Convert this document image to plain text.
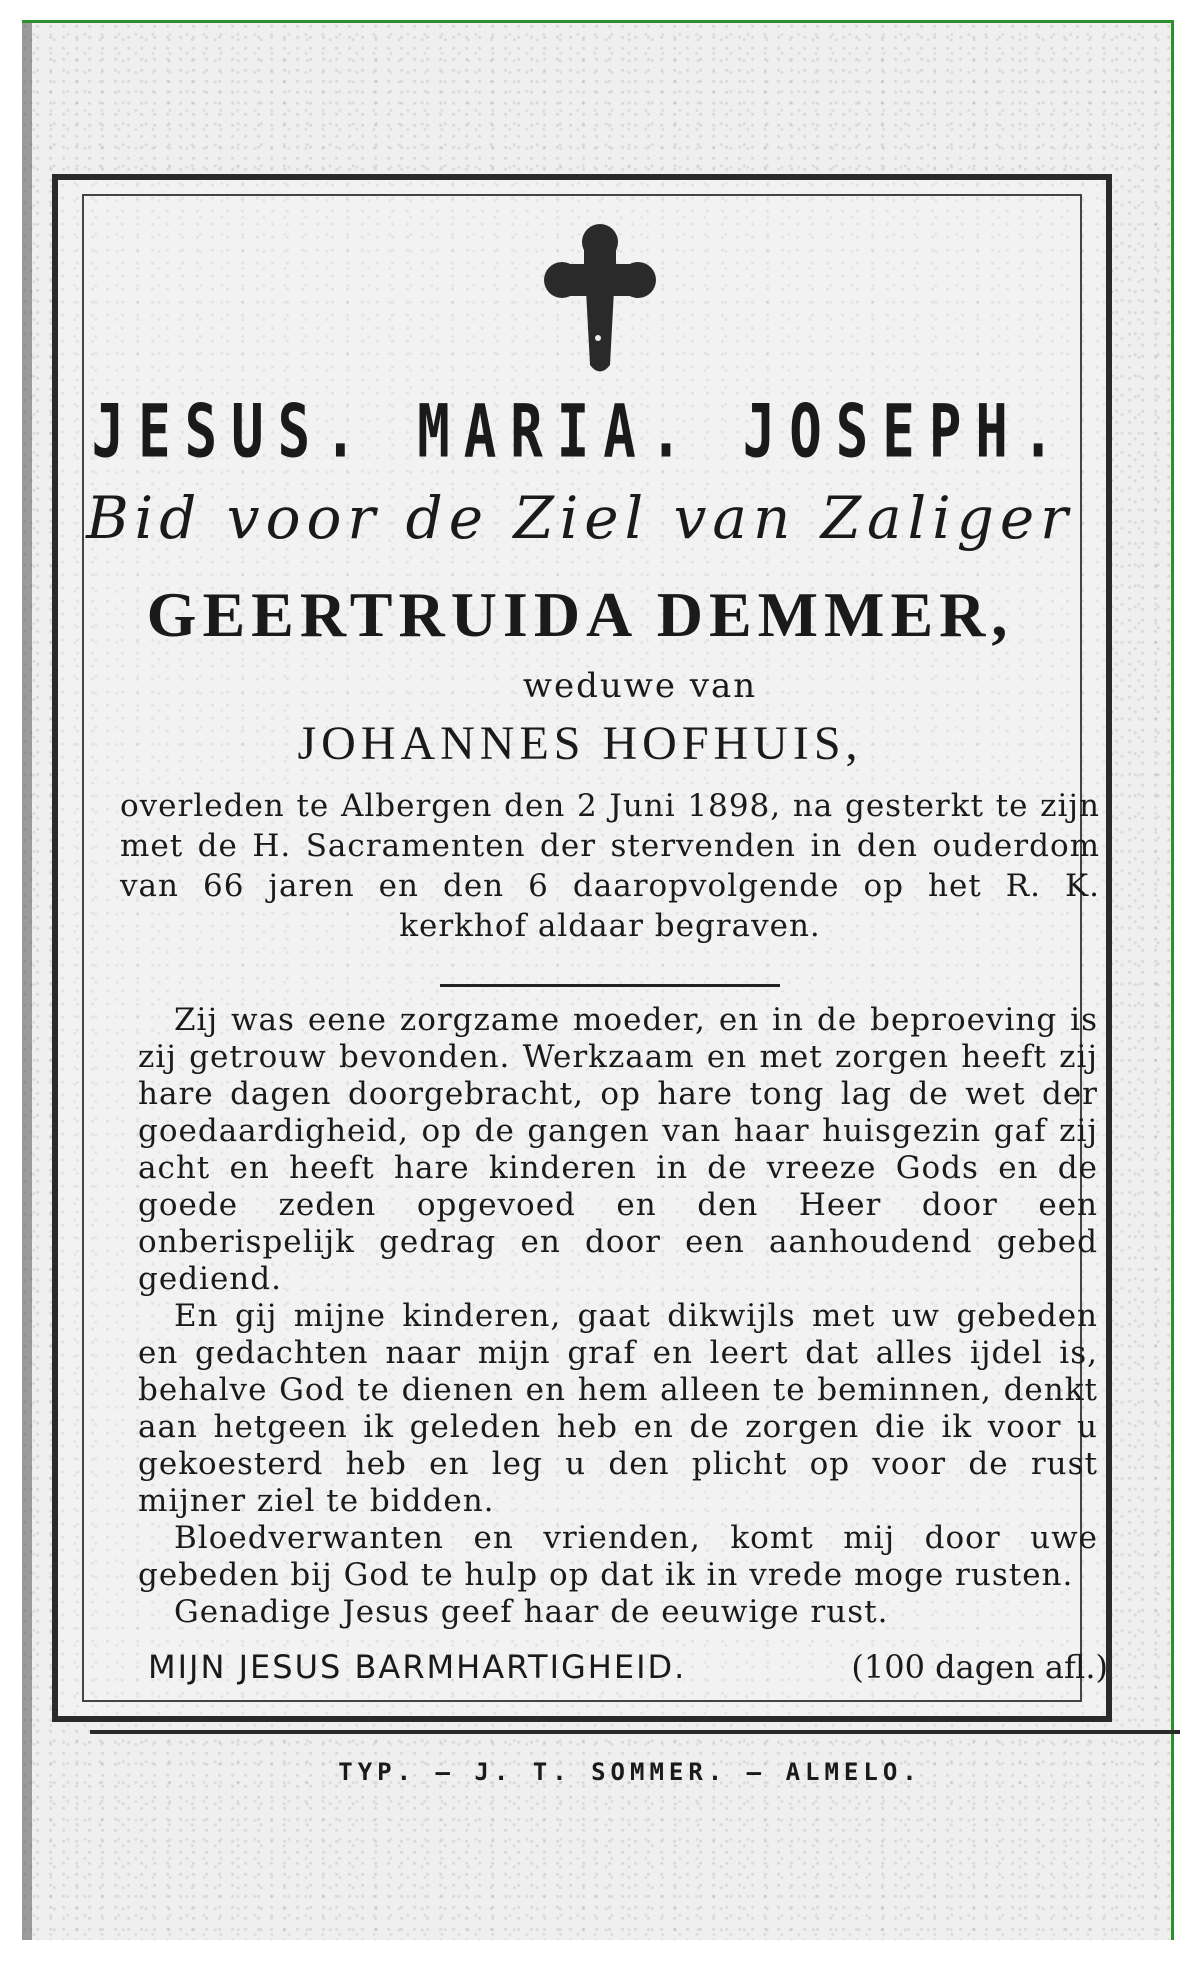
JESUS. MARIA. JOSEPH.
Bid voor de Ziel van Zaliger
GEERTRUIDA DEMMER,
weduwe van
JOHANNES HOFHUIS,
overleden te Albergen den 2 Juni 1898, na gesterkt te zijn met de H. Sacramenten der stervenden in den ouderdom van 66 jaren en den 6 daaropvolgende op het R. K. kerkhof aldaar begraven.

Zij was eene zorgzame moeder, en in de beproeving is zij getrouw bevonden. Werkzaam en met zorgen heeft zij hare dagen doorgebracht, op hare tong lag de wet der goedaardigheid, op de gangen van haar huisgezin gaf zij acht en heeft hare kinderen in de vreeze Gods en de goede zeden opgevoed en den Heer door een onberispelijk gedrag en door een aanhoudend gebed gediend.

En gij mijne kinderen, gaat dikwijls met uw gebeden en gedachten naar mijn graf en leert dat alles ijdel is, behalve God te dienen en hem alleen te beminnen, denkt aan hetgeen ik geleden heb en de zorgen die ik voor u gekoesterd heb en leg u den plicht op voor de rust mijner ziel te bidden.

Bloedverwanten en vrienden, komt mij door uwe gebeden bij God te hulp op dat ik in vrede moge rusten.

Genadige Jesus geef haar de eeuwige rust.

MIJN JESUS BARMHARTIGHEID.	(100 dagen afl.)
TYP. — J. T. SOMMER. — ALMELO.
